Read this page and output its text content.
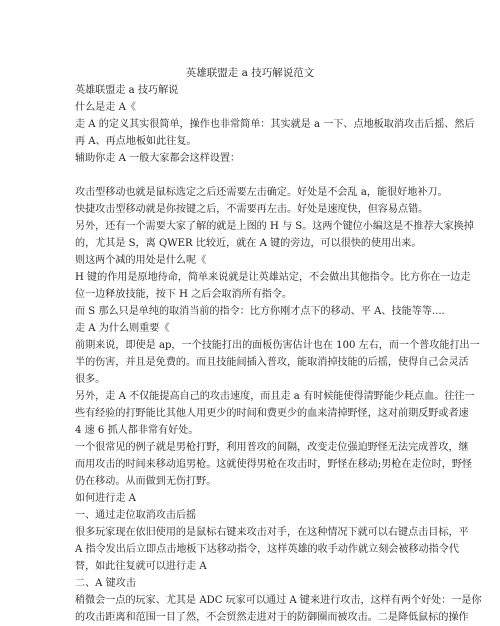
英雄联盟走 a 技巧解说范文

英雄联盟走 a 技巧解说

什么是走 A《

走 A 的定义其实很简单，操作也非常简单：其实就是 a 一下、点地板取消攻击后摇、然后

再 A、再点地板如此往复。

辅助你走 A 一般大家都会这样设置：

攻击型移动也就是鼠标选定之后还需要左击确定。好处是不会乱 a，能很好地补刀。

快捷攻击型移动就是你按键之后，不需要再左击。好处是速度快，但容易点错。

另外，还有一个需要大家了解的就是上图的 H 与 S。这两个键位小编这是不推荐大家换掉

的，尤其是 S，离 QWER 比较近，就在 A 键的旁边，可以很快的使用出来。

则这两个减的用处是什么呢《

H 键的作用是原地待命，简单来说就是让英雄站定，不会做出其他指令。比方你在一边走

位一边释放技能，按下 H 之后会取消所有指令。

而 S 那么只是单纯的取消当前的指令：比方你刚才点下的移动、平 A、技能等等....

走 A 为什么则重要《

前期来说，即使是 ap，一个技能打出的面板伤害估计也在 100 左右，而一个普攻能打出一

半的伤害，并且是免费的。而且技能间插入普攻，能取消掉技能的后摇，使得自己会灵活

很多。

另外，走 A 不仅能提高自己的攻击速度，而且走 a 有时候能使得清野能少耗点血。往往一

些有经验的打野能比其他人用更少的时间和费更少的血来清掉野怪，这对前期反野或者速

4 速 6 抓人都非常有好处。

一个很常见的例子就是男枪打野，利用普攻的间隔，改变走位强迫野怪无法完成普攻，继

而用攻击的时间来移动追男枪。这就使得男枪在攻击时，野怪在移动;男枪在走位时，野怪

仍在移动。从而做到无伤打野。

如何进行走 A

一、通过走位取消攻击后摇

很多玩家现在依旧使用的是鼠标右键来攻击对手，在这种情况下就可以右键点击目标，平

A 指令发出后立即点击地板下达移动指令，这样英雄的收手动作就立刻会被移动指令代

替，如此往复就可以进行走 A

二、A 键攻击

稍微会一点的玩家、尤其是 ADC 玩家可以通过 A 键来进行攻击，这样有两个好处：一是你

的攻击距离和范围一目了然，不会贸然走进对于的防御圈而被攻击。二是降低鼠标的操作
